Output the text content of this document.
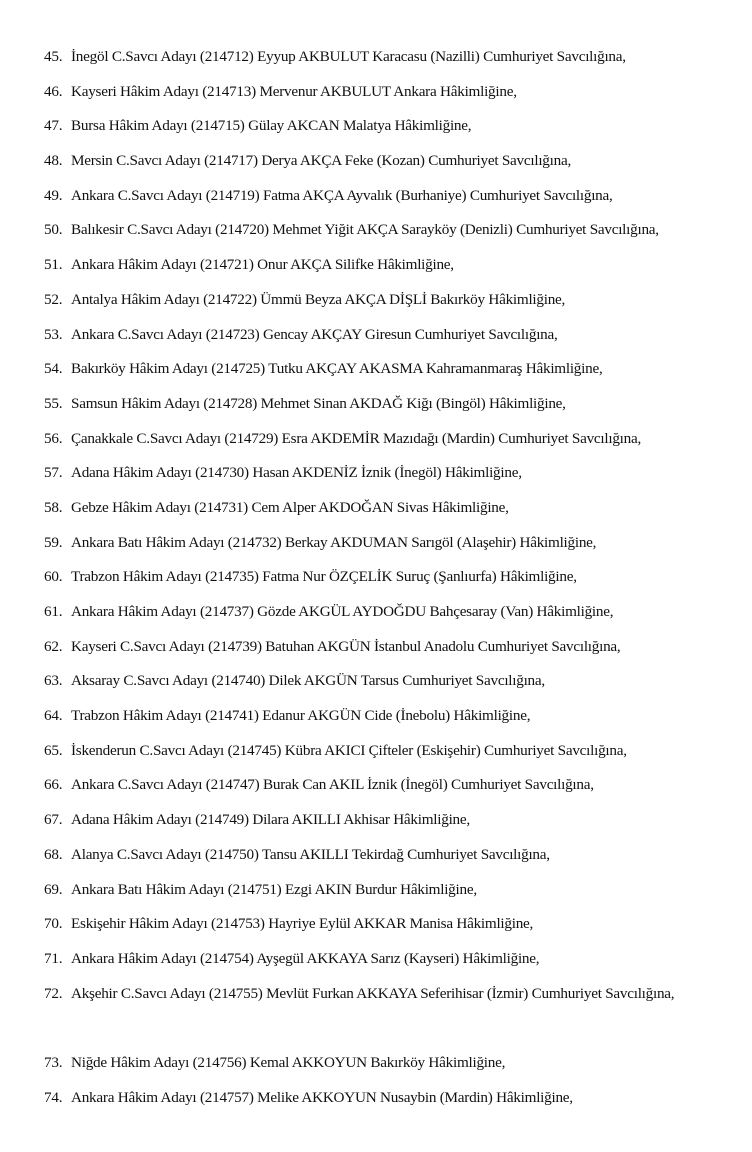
45. İnegöl C.Savcı Adayı (214712) Eyyup AKBULUT Karacasu (Nazilli) Cumhuriyet Savcılığına,
46. Kayseri Hâkim Adayı (214713) Mervenur AKBULUT Ankara Hâkimliğine,
47. Bursa Hâkim Adayı (214715) Gülay AKCAN Malatya Hâkimliğine,
48. Mersin C.Savcı Adayı (214717) Derya AKÇA Feke (Kozan) Cumhuriyet Savcılığına,
49. Ankara C.Savcı Adayı (214719) Fatma AKÇA Ayvalık (Burhaniye) Cumhuriyet Savcılığına,
50. Balıkesir C.Savcı Adayı (214720) Mehmet Yiğit AKÇA Sarayköy (Denizli) Cumhuriyet Savcılığına,
51. Ankara Hâkim Adayı (214721) Onur AKÇA Silifke Hâkimliğine,
52. Antalya Hâkim Adayı (214722) Ümmü Beyza AKÇA DİŞLİ Bakırköy Hâkimliğine,
53. Ankara C.Savcı Adayı (214723) Gencay AKÇAY Giresun Cumhuriyet Savcılığına,
54. Bakırköy Hâkim Adayı (214725) Tutku AKÇAY AKASMA Kahramanmaraş Hâkimliğine,
55. Samsun Hâkim Adayı (214728) Mehmet Sinan AKDAĞ Kiğı (Bingöl) Hâkimliğine,
56. Çanakkale C.Savcı Adayı (214729) Esra AKDEMİR Mazıdağı (Mardin) Cumhuriyet Savcılığına,
57. Adana Hâkim Adayı (214730) Hasan AKDENİZ İznik (İnegöl) Hâkimliğine,
58. Gebze Hâkim Adayı (214731) Cem Alper AKDOĞAN Sivas Hâkimliğine,
59. Ankara Batı Hâkim Adayı (214732) Berkay AKDUMAN Sarıgöl (Alaşehir) Hâkimliğine,
60. Trabzon Hâkim Adayı (214735) Fatma Nur ÖZÇELİK Suruç (Şanlıurfa) Hâkimliğine,
61. Ankara Hâkim Adayı (214737) Gözde AKGÜL AYDOĞDU Bahçesaray (Van) Hâkimliğine,
62. Kayseri C.Savcı Adayı (214739) Batuhan AKGÜN İstanbul Anadolu Cumhuriyet Savcılığına,
63. Aksaray C.Savcı Adayı (214740) Dilek AKGÜN Tarsus Cumhuriyet Savcılığına,
64. Trabzon Hâkim Adayı (214741) Edanur AKGÜN Cide (İnebolu) Hâkimliğine,
65. İskenderun C.Savcı Adayı (214745) Kübra AKICI Çifteler (Eskişehir) Cumhuriyet Savcılığına,
66. Ankara C.Savcı Adayı (214747) Burak Can AKIL İznik (İnegöl) Cumhuriyet Savcılığına,
67. Adana Hâkim Adayı (214749) Dilara AKILLI Akhisar Hâkimliğine,
68. Alanya C.Savcı Adayı (214750) Tansu AKILLI Tekirdağ Cumhuriyet Savcılığına,
69. Ankara Batı Hâkim Adayı (214751) Ezgi AKIN Burdur Hâkimliğine,
70. Eskişehir Hâkim Adayı (214753) Hayriye Eylül AKKAR Manisa Hâkimliğine,
71. Ankara Hâkim Adayı (214754) Ayşegül AKKAYA Sarız (Kayseri) Hâkimliğine,
72. Akşehir C.Savcı Adayı (214755) Mevlüt Furkan AKKAYA Seferihisar (İzmir) Cumhuriyet Savcılığına,
73. Niğde Hâkim Adayı (214756) Kemal AKKOYUN Bakırköy Hâkimliğine,
74. Ankara Hâkim Adayı (214757) Melike AKKOYUN Nusaybin (Mardin) Hâkimliğine,
